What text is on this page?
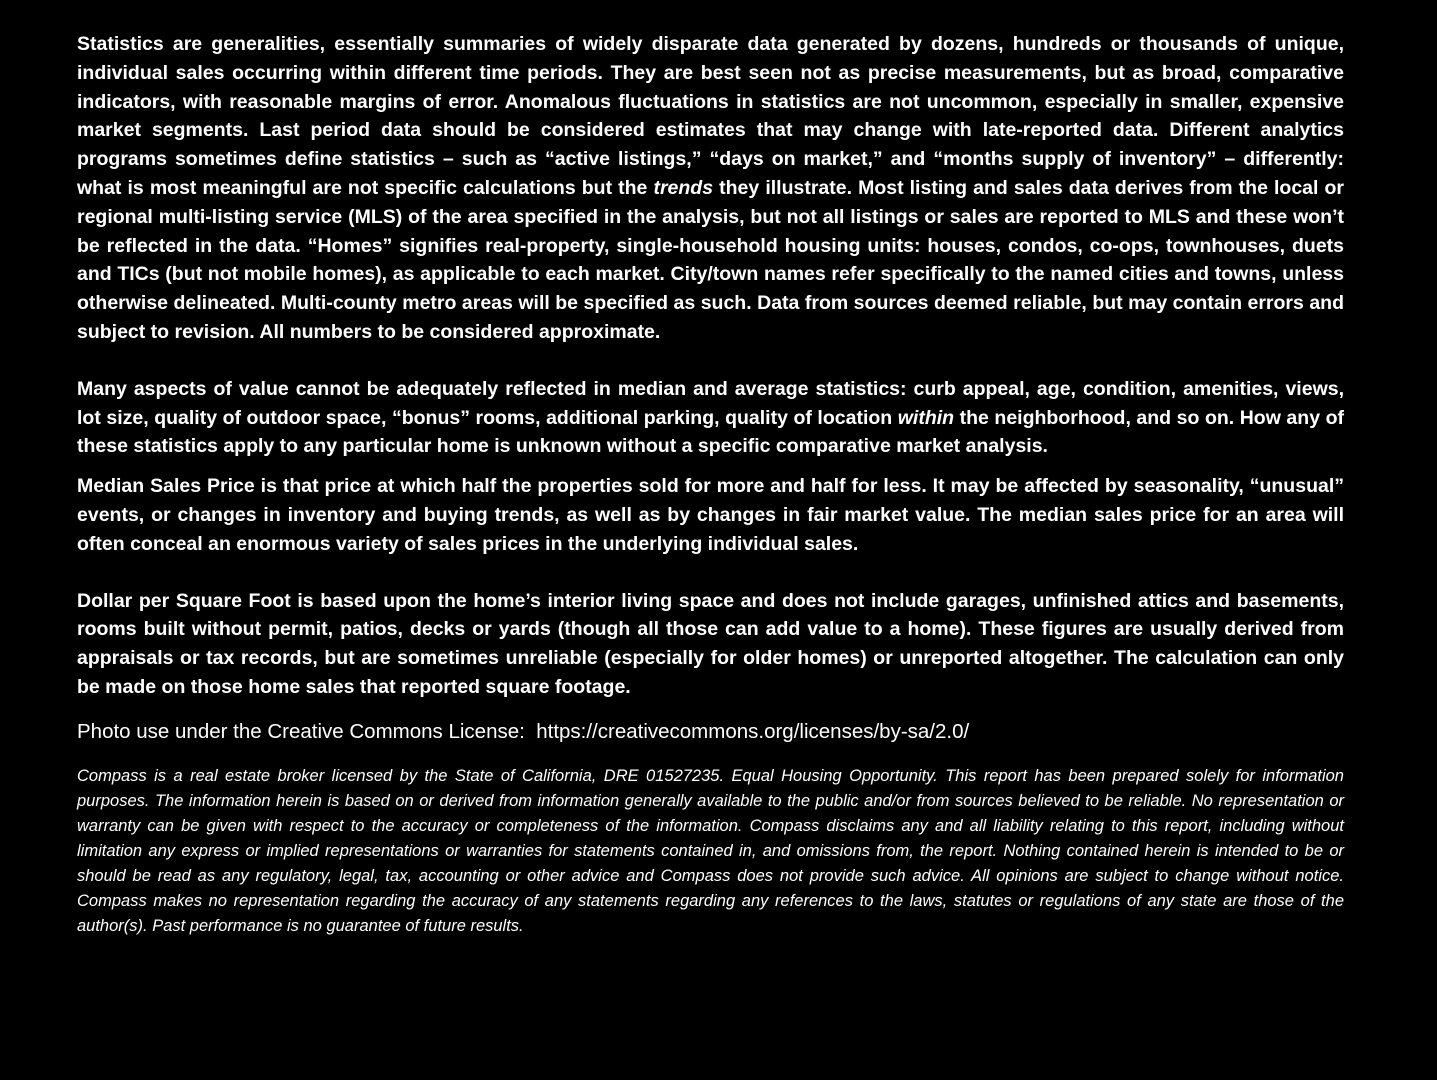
Statistics are generalities, essentially summaries of widely disparate data generated by dozens, hundreds or thousands of unique, individual sales occurring within different time periods. They are best seen not as precise measurements, but as broad, comparative indicators, with reasonable margins of error. Anomalous fluctuations in statistics are not uncommon, especially in smaller, expensive market segments. Last period data should be considered estimates that may change with late-reported data. Different analytics programs sometimes define statistics – such as “active listings,” “days on market,” and “months supply of inventory” – differently: what is most meaningful are not specific calculations but the trends they illustrate. Most listing and sales data derives from the local or regional multi-listing service (MLS) of the area specified in the analysis, but not all listings or sales are reported to MLS and these won’t be reflected in the data. “Homes” signifies real-property, single-household housing units: houses, condos, co-ops, townhouses, duets and TICs (but not mobile homes), as applicable to each market. City/town names refer specifically to the named cities and towns, unless otherwise delineated. Multi-county metro areas will be specified as such. Data from sources deemed reliable, but may contain errors and subject to revision. All numbers to be considered approximate.

Many aspects of value cannot be adequately reflected in median and average statistics: curb appeal, age, condition, amenities, views, lot size, quality of outdoor space, “bonus” rooms, additional parking, quality of location within the neighborhood, and so on. How any of these statistics apply to any particular home is unknown without a specific comparative market analysis.

Median Sales Price is that price at which half the properties sold for more and half for less. It may be affected by seasonality, “unusual” events, or changes in inventory and buying trends, as well as by changes in fair market value. The median sales price for an area will often conceal an enormous variety of sales prices in the underlying individual sales.

Dollar per Square Foot is based upon the home’s interior living space and does not include garages, unfinished attics and basements, rooms built without permit, patios, decks or yards (though all those can add value to a home). These figures are usually derived from appraisals or tax records, but are sometimes unreliable (especially for older homes) or unreported altogether. The calculation can only be made on those home sales that reported square footage.

Photo use under the Creative Commons License:  https://creativecommons.org/licenses/by-sa/2.0/

Compass is a real estate broker licensed by the State of California, DRE 01527235. Equal Housing Opportunity. This report has been prepared solely for information purposes. The information herein is based on or derived from information generally available to the public and/or from sources believed to be reliable. No representation or warranty can be given with respect to the accuracy or completeness of the information. Compass disclaims any and all liability relating to this report, including without limitation any express or implied representations or warranties for statements contained in, and omissions from, the report. Nothing contained herein is intended to be or should be read as any regulatory, legal, tax, accounting or other advice and Compass does not provide such advice. All opinions are subject to change without notice. Compass makes no representation regarding the accuracy of any statements regarding any references to the laws, statutes or regulations of any state are those of the author(s). Past performance is no guarantee of future results.
